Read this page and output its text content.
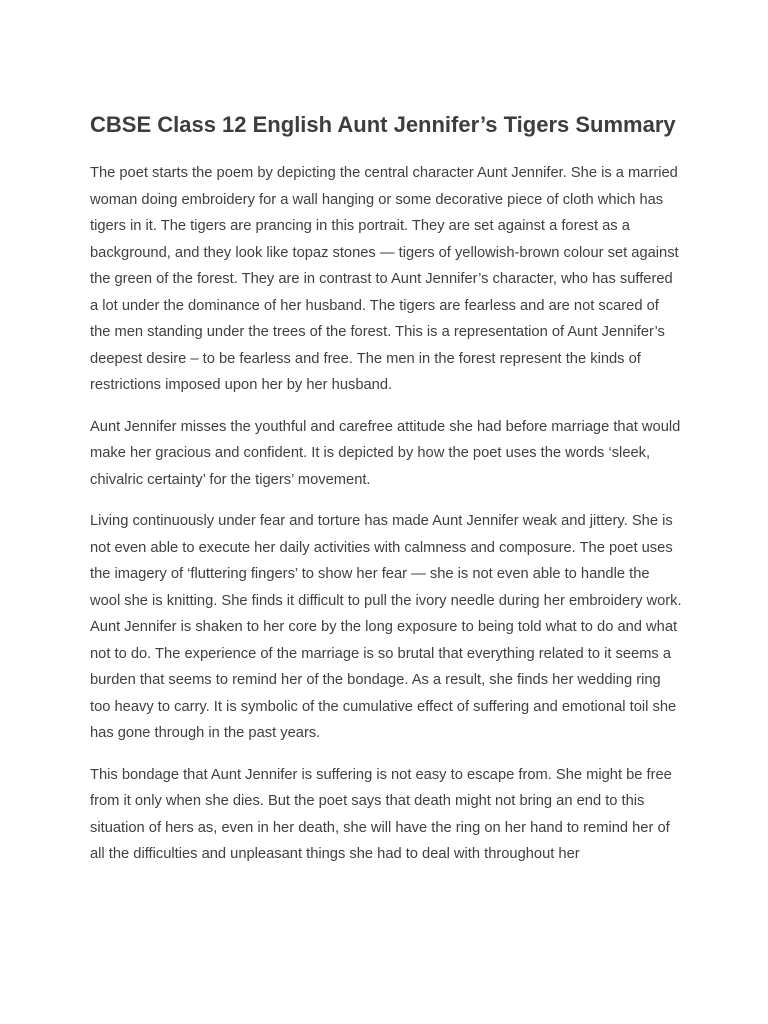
CBSE Class 12 English Aunt Jennifer’s Tigers Summary

The poet starts the poem by depicting the central character Aunt Jennifer. She is a married woman doing embroidery for a wall hanging or some decorative piece of cloth which has tigers in it. The tigers are prancing in this portrait. They are set against a forest as a background, and they look like topaz stones — tigers of yellowish-brown colour set against the green of the forest. They are in contrast to Aunt Jennifer’s character, who has suffered a lot under the dominance of her husband. The tigers are fearless and are not scared of the men standing under the trees of the forest. This is a representation of Aunt Jennifer’s deepest desire – to be fearless and free. The men in the forest represent the kinds of restrictions imposed upon her by her husband.

Aunt Jennifer misses the youthful and carefree attitude she had before marriage that would make her gracious and confident. It is depicted by how the poet uses the words ‘sleek, chivalric certainty’ for the tigers’ movement.

Living continuously under fear and torture has made Aunt Jennifer weak and jittery. She is not even able to execute her daily activities with calmness and composure. The poet uses the imagery of ‘fluttering fingers’ to show her fear — she is not even able to handle the wool she is knitting. She finds it difficult to pull the ivory needle during her embroidery work. Aunt Jennifer is shaken to her core by the long exposure to being told what to do and what not to do. The experience of the marriage is so brutal that everything related to it seems a burden that seems to remind her of the bondage. As a result, she finds her wedding ring too heavy to carry. It is symbolic of the cumulative effect of suffering and emotional toil she has gone through in the past years.

This bondage that Aunt Jennifer is suffering is not easy to escape from. She might be free from it only when she dies. But the poet says that death might not bring an end to this situation of hers as, even in her death, she will have the ring on her hand to remind her of all the difficulties and unpleasant things she had to deal with throughout her
